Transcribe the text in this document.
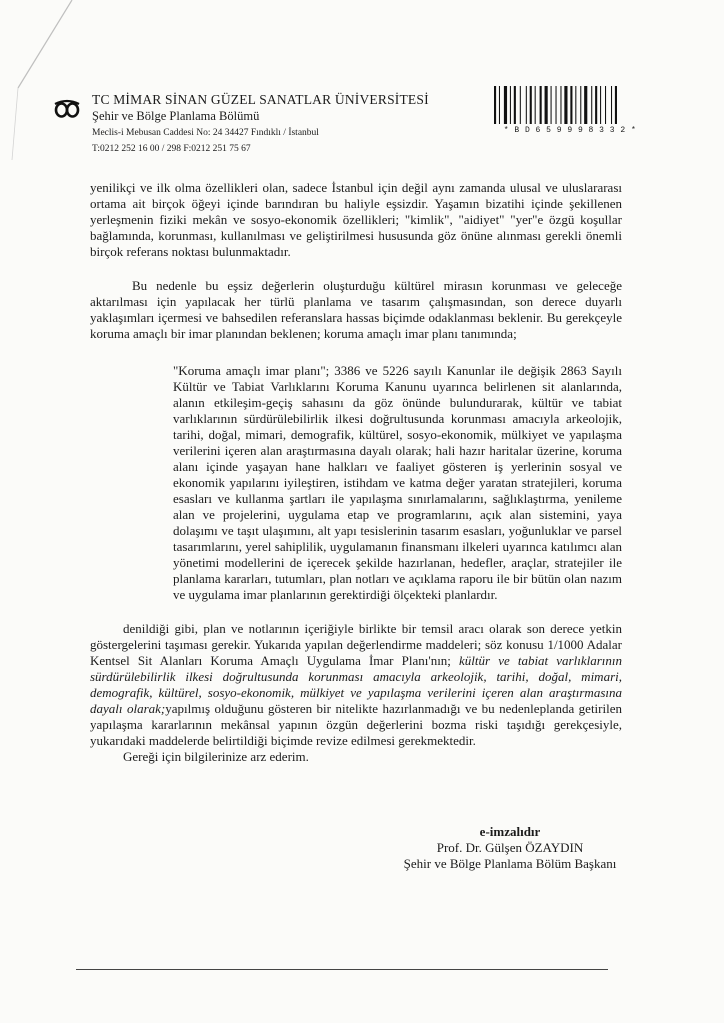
TC MİMAR SİNAN GÜZEL SANATLAR ÜNİVERSİTESİ
Şehir ve Bölge Planlama Bölümü
Meclis-i Mebusan Caddesi No: 24 34427 Fındıklı / İstanbul
T:0212 252 16 00 / 298 F:0212 251 75 67
* B D 6 5 9 9 9 8 3 3 2 *

yenilikçi ve ilk olma özellikleri olan, sadece İstanbul için değil aynı zamanda ulusal ve uluslararası ortama ait birçok öğeyi içinde barındıran bu haliyle eşsizdir. Yaşamın bizatihi içinde şekillenen yerleşmenin fiziki mekân ve sosyo-ekonomik özellikleri; "kimlik", "aidiyet" "yer"e özgü koşullar bağlamında, korunması, kullanılması ve geliştirilmesi hususunda göz önüne alınması gerekli önemli birçok referans noktası bulunmaktadır.

Bu nedenle bu eşsiz değerlerin oluşturduğu kültürel mirasın korunması ve geleceğe aktarılması için yapılacak her türlü planlama ve tasarım çalışmasından, son derece duyarlı yaklaşımları içermesi ve bahsedilen referanslara hassas biçimde odaklanması beklenir. Bu gerekçeyle koruma amaçlı bir imar planından beklenen; koruma amaçlı imar planı tanımında;

"Koruma amaçlı imar planı"; 3386 ve 5226 sayılı Kanunlar ile değişik 2863 Sayılı Kültür ve Tabiat Varlıklarını Koruma Kanunu uyarınca belirlenen sit alanlarında, alanın etkileşim-geçiş sahasını da göz önünde bulundurarak, kültür ve tabiat varlıklarının sürdürülebilirlik ilkesi doğrultusunda korunması amacıyla arkeolojik, tarihi, doğal, mimari, demografik, kültürel, sosyo-ekonomik, mülkiyet ve yapılaşma verilerini içeren alan araştırmasına dayalı olarak; hali hazır haritalar üzerine, koruma alanı içinde yaşayan hane halkları ve faaliyet gösteren iş yerlerinin sosyal ve ekonomik yapılarını iyileştiren, istihdam ve katma değer yaratan stratejileri, koruma esasları ve kullanma şartları ile yapılaşma sınırlamalarını, sağlıklaştırma, yenileme alan ve projelerini, uygulama etap ve programlarını, açık alan sistemini, yaya dolaşımı ve taşıt ulaşımını, alt yapı tesislerinin tasarım esasları, yoğunluklar ve parsel tasarımlarını, yerel sahiplilik, uygulamanın finansmanı ilkeleri uyarınca katılımcı alan yönetimi modellerini de içerecek şekilde hazırlanan, hedefler, araçlar, stratejiler ile planlama kararları, tutumları, plan notları ve açıklama raporu ile bir bütün olan nazım ve uygulama imar planlarının gerektirdiği ölçekteki planlardır.

denildiği gibi, plan ve notlarının içeriğiyle birlikte bir temsil aracı olarak son derece yetkin göstergelerini taşıması gerekir. Yukarıda yapılan değerlendirme maddeleri; söz konusu 1/1000 Adalar Kentsel Sit Alanları Koruma Amaçlı Uygulama İmar Planı'nın; kültür ve tabiat varlıklarının sürdürülebilirlik ilkesi doğrultusunda korunması amacıyla arkeolojik, tarihi, doğal, mimari, demografik, kültürel, sosyo-ekonomik, mülkiyet ve yapılaşma verilerini içeren alan araştırmasına dayalı olarak;yapılmış olduğunu gösteren bir nitelikte hazırlanmadığı ve bu nedenleplanda getirilen yapılaşma kararlarının mekânsal yapının özgün değerlerini bozma riski taşıdığı gerekçesiyle, yukarıdaki maddelerde belirtildiği biçimde revize edilmesi gerekmektedir.

Gereği için bilgilerinize arz ederim.

e-imzalıdır
Prof. Dr. Gülşen ÖZAYDIN
Şehir ve Bölge Planlama Bölüm Başkanı
